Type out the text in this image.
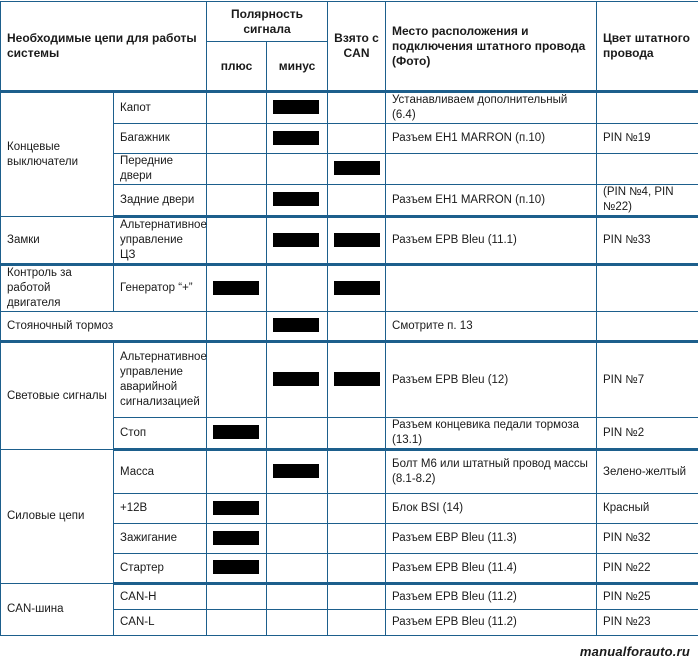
Необходимые цепи для работы системы		Полярность сигнала		Взято с CAN	Место расположения и подключения штатного провода (Фото)	Цвет штатного провода
		плюс	минус			
Концевые выключатели	Капот				Устанавливаем дополнительный (6.4)	
	Багажник				Разъем EH1 MARRON (п.10)	PIN №19
	Передние двери					
	Задние двери				Разъем EH1 MARRON (п.10)	(PIN №4, PIN №22)
Замки	Альтернативное управление ЦЗ				Разъем EPB Bleu (11.1)	PIN №33
Контроль за работой двигателя	Генератор “+”					
Стояночный тормоз					Смотрите п. 13	
Световые сигналы	Альтернативное управление аварийной сигнализацией				Разъем EPB Bleu (12)	PIN №7
	Стоп				Разъем концевика педали тормоза (13.1)	PIN №2
Силовые цепи	Масса				Болт М6 или штатный провод массы (8.1-8.2)	Зелено-желтый
	+12В				Блок BSI (14)	Красный
	Зажигание				Разъем EBP Bleu (11.3)	PIN №32
	Стартер				Разъем EPB Bleu (11.4)	PIN №22
CAN-шина	CAN-H				Разъем EPB Bleu (11.2)	PIN №25
	CAN-L				Разъем EPB Bleu (11.2)	PIN №23
manualforauto.ru
